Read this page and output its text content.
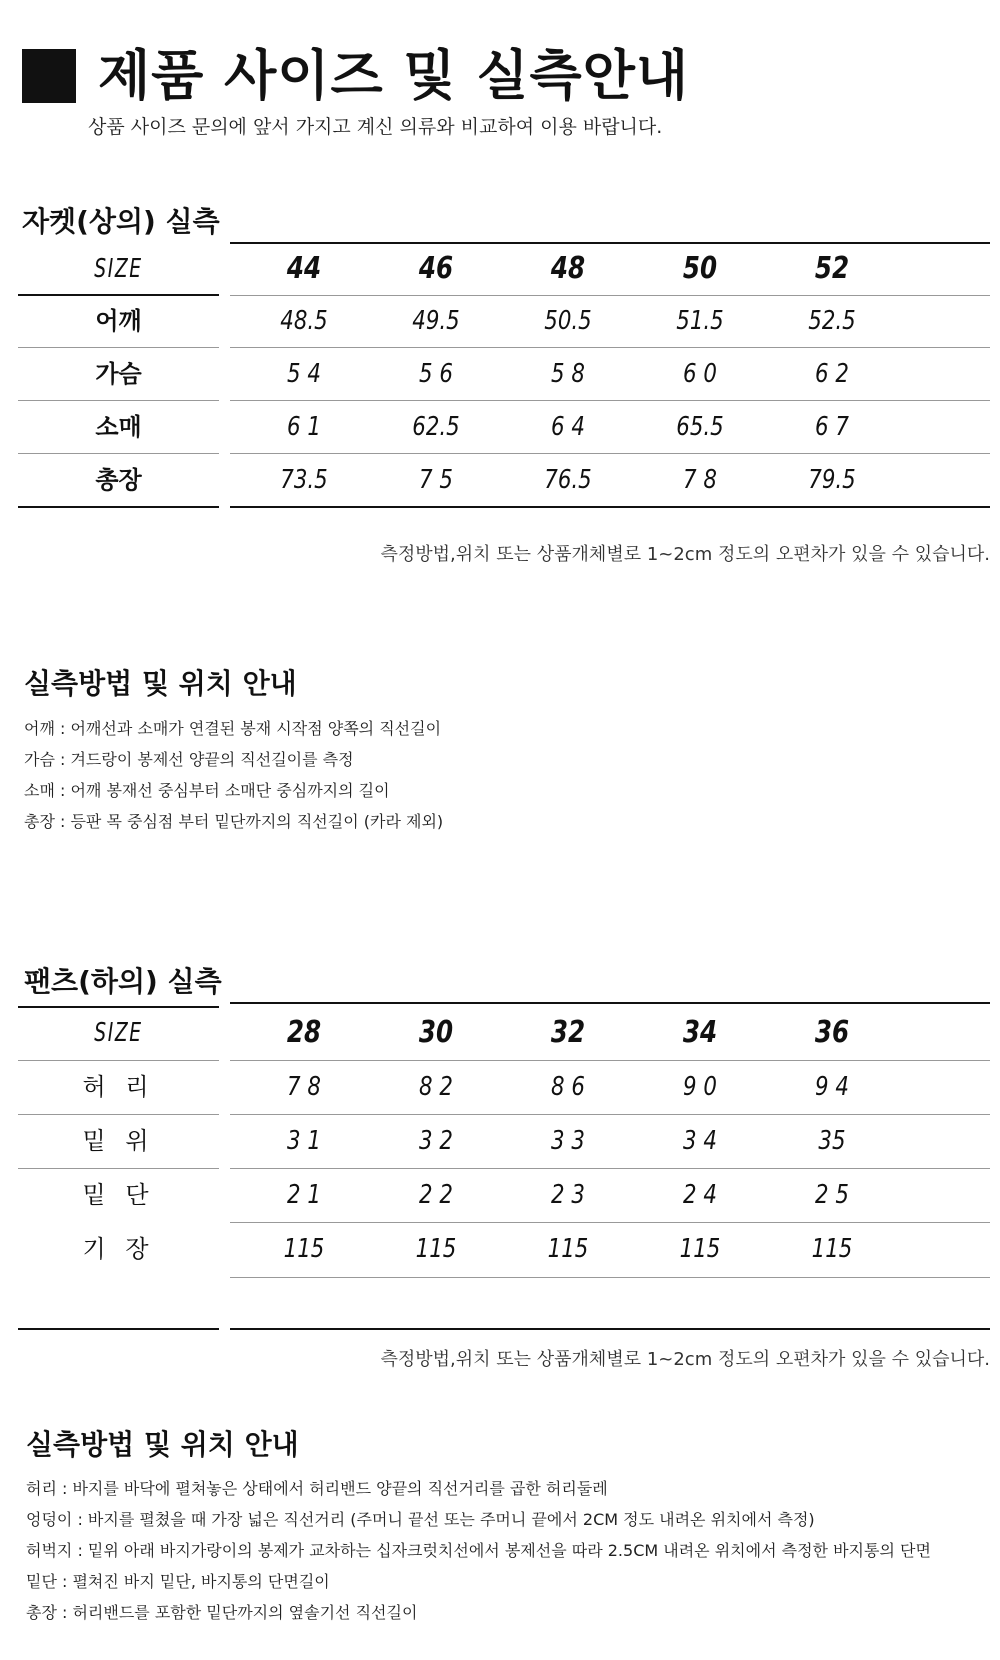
제품 사이즈 및 실측안내
상품 사이즈 문의에 앞서 가지고 계신 의류와 비교하여 이용 바랍니다.
자켓(상의) 실측
SIZE	44	46	48	50	52
어깨	48.5	49.5	50.5	51.5	52.5
가슴	5 4	5 6	5 8	6 0	6 2
소매	6 1	62.5	6 4	65.5	6 7
총장	73.5	7 5	76.5	7 8	79.5
측정방법,위치 또는 상품개체별로 1~2cm 정도의 오편차가 있을 수 있습니다.
실측방법 및 위치 안내
어깨 : 어깨선과 소매가 연결된 봉재 시작점 양쪽의 직선길이
가슴 : 겨드랑이 봉제선 양끝의 직선길이를 측정
소매 : 어깨 봉재선 중심부터 소매단 중심까지의 길이
총장 : 등판 목 중심점 부터 밑단까지의 직선길이 (카라 제외)
팬츠(하의) 실측
SIZE	28	30	32	34	36
허 리	7 8	8 2	8 6	9 0	9 4
밑 위	3 1	3 2	3 3	3 4	35
밑 단	2 1	2 2	2 3	2 4	2 5
기 장	115	115	115	115	115
측정방법,위치 또는 상품개체별로 1~2cm 정도의 오편차가 있을 수 있습니다.
실측방법 및 위치 안내
허리 : 바지를 바닥에 펼쳐놓은 상태에서 허리밴드 양끝의 직선거리를 곱한 허리둘레
엉덩이 : 바지를 펼쳤을 때 가장 넓은 직선거리 (주머니 끝선 또는 주머니 끝에서 2CM 정도 내려온 위치에서 측정)
허벅지 : 밑위 아래 바지가랑이의 봉제가 교차하는 십자크럿치선에서 봉제선을 따라 2.5CM 내려온 위치에서 측정한 바지통의 단면
밑단 : 펼쳐진 바지 밑단, 바지통의 단면길이
총장 : 허리밴드를 포함한 밑단까지의 옆솔기선 직선길이
